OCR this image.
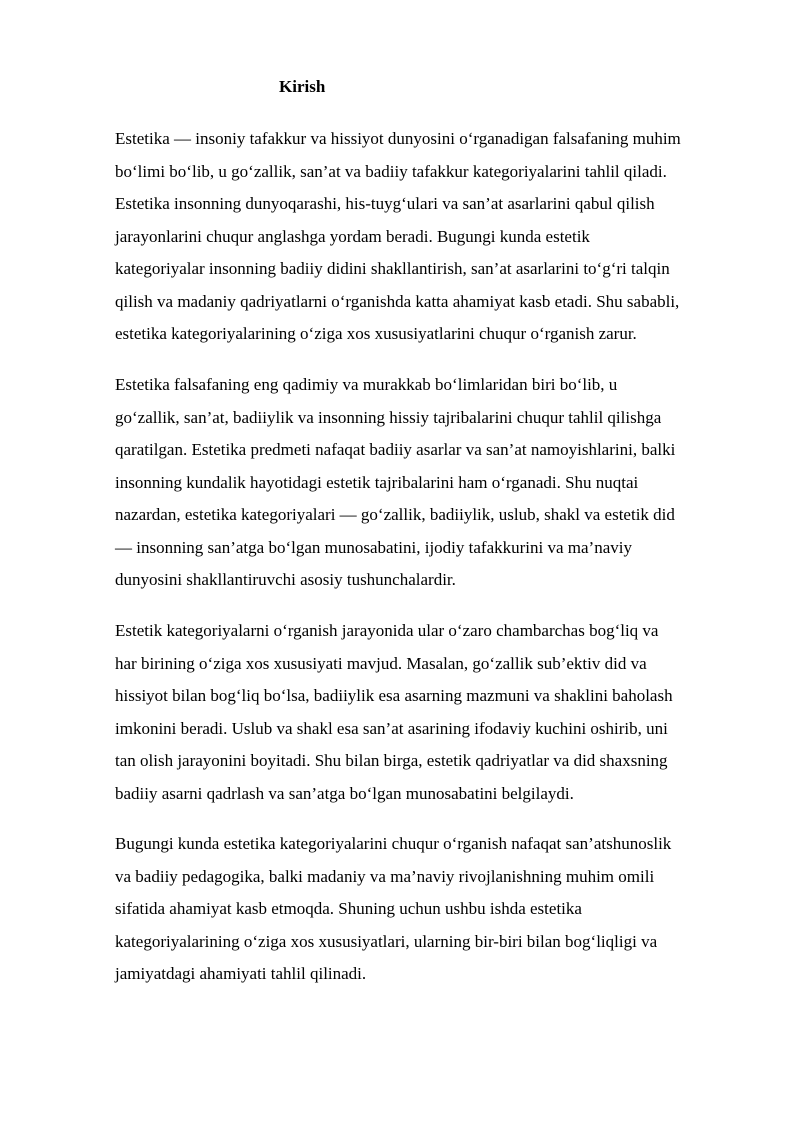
Kirish
Estetika — insoniy tafakkur va hissiyot dunyosini o‘rganadigan falsafaning muhim
bo‘limi bo‘lib, u go‘zallik, san’at va badiiy tafakkur kategoriyalarini tahlil qiladi.
Estetika insonning dunyoqarashi, his-tuyg‘ulari va san’at asarlarini qabul qilish
jarayonlarini chuqur anglashga yordam beradi. Bugungi kunda estetik
kategoriyalar insonning badiiy didini shakllantirish, san’at asarlarini to‘g‘ri talqin
qilish va madaniy qadriyatlarni o‘rganishda katta ahamiyat kasb etadi. Shu sababli,
estetika kategoriyalarining o‘ziga xos xususiyatlarini chuqur o‘rganish zarur.
Estetika falsafaning eng qadimiy va murakkab bo‘limlaridan biri bo‘lib, u
go‘zallik, san’at, badiiylik va insonning hissiy tajribalarini chuqur tahlil qilishga
qaratilgan. Estetika predmeti nafaqat badiiy asarlar va san’at namoyishlarini, balki
insonning kundalik hayotidagi estetik tajribalarini ham o‘rganadi. Shu nuqtai
nazardan, estetika kategoriyalari — go‘zallik, badiiylik, uslub, shakl va estetik did
— insonning san’atga bo‘lgan munosabatini, ijodiy tafakkurini va ma’naviy
dunyosini shakllantiruvchi asosiy tushunchalardir.
Estetik kategoriyalarni o‘rganish jarayonida ular o‘zaro chambarchas bog‘liq va
har birining o‘ziga xos xususiyati mavjud. Masalan, go‘zallik sub’ektiv did va
hissiyot bilan bog‘liq bo‘lsa, badiiylik esa asarning mazmuni va shaklini baholash
imkonini beradi. Uslub va shakl esa san’at asarining ifodaviy kuchini oshirib, uni
tan olish jarayonini boyitadi. Shu bilan birga, estetik qadriyatlar va did shaxsning
badiiy asarni qadrlash va san’atga bo‘lgan munosabatini belgilaydi.
Bugungi kunda estetika kategoriyalarini chuqur o‘rganish nafaqat san’atshunoslik
va badiiy pedagogika, balki madaniy va ma’naviy rivojlanishning muhim omili
sifatida ahamiyat kasb etmoqda. Shuning uchun ushbu ishda estetika
kategoriyalarining o‘ziga xos xususiyatlari, ularning bir-biri bilan bog‘liqligi va
jamiyatdagi ahamiyati tahlil qilinadi.
